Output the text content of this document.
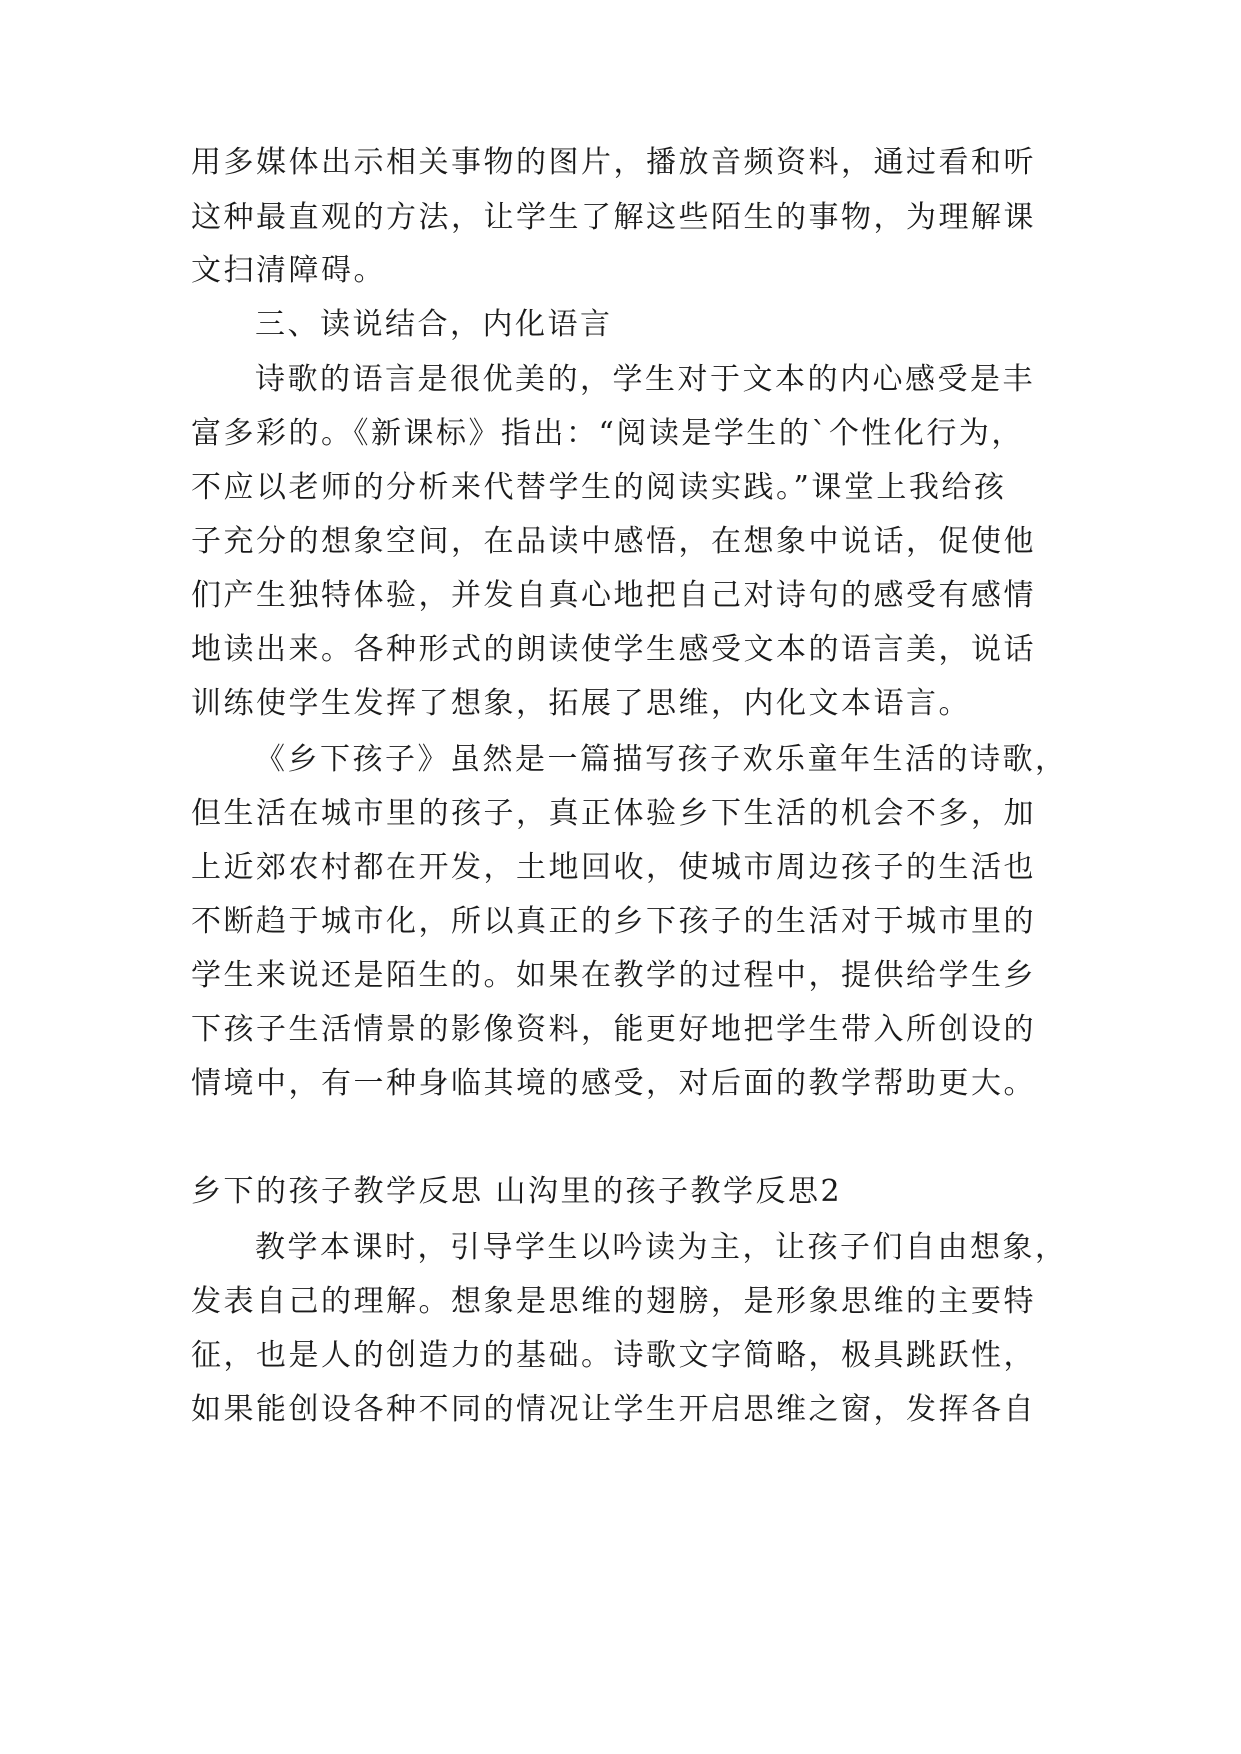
用多媒体出示相关事物的图片，播放音频资料，通过看和听
这种最直观的方法，让学生了解这些陌生的事物，为理解课
文扫清障碍。
三、读说结合，内化语言
诗歌的语言是很优美的，学生对于文本的内心感受是丰
富多彩的。《新课标》指出：“阅读是学生的`个性化行为，
不应以老师的分析来代替学生的阅读实践。”课堂上我给孩
子充分的想象空间，在品读中感悟，在想象中说话，促使他
们产生独特体验，并发自真心地把自己对诗句的感受有感情
地读出来。各种形式的朗读使学生感受文本的语言美，说话
训练使学生发挥了想象，拓展了思维，内化文本语言。
《乡下孩子》虽然是一篇描写孩子欢乐童年生活的诗歌，
但生活在城市里的孩子，真正体验乡下生活的机会不多，加
上近郊农村都在开发，土地回收，使城市周边孩子的生活也
不断趋于城市化，所以真正的乡下孩子的生活对于城市里的
学生来说还是陌生的。如果在教学的过程中，提供给学生乡
下孩子生活情景的影像资料，能更好地把学生带入所创设的
情境中，有一种身临其境的感受，对后面的教学帮助更大。
乡下的孩子教学反思 山沟里的孩子教学反思2
教学本课时，引导学生以吟读为主，让孩子们自由想象，
发表自己的理解。想象是思维的翅膀，是形象思维的主要特
征，也是人的创造力的基础。诗歌文字简略，极具跳跃性，
如果能创设各种不同的情况让学生开启思维之窗，发挥各自
